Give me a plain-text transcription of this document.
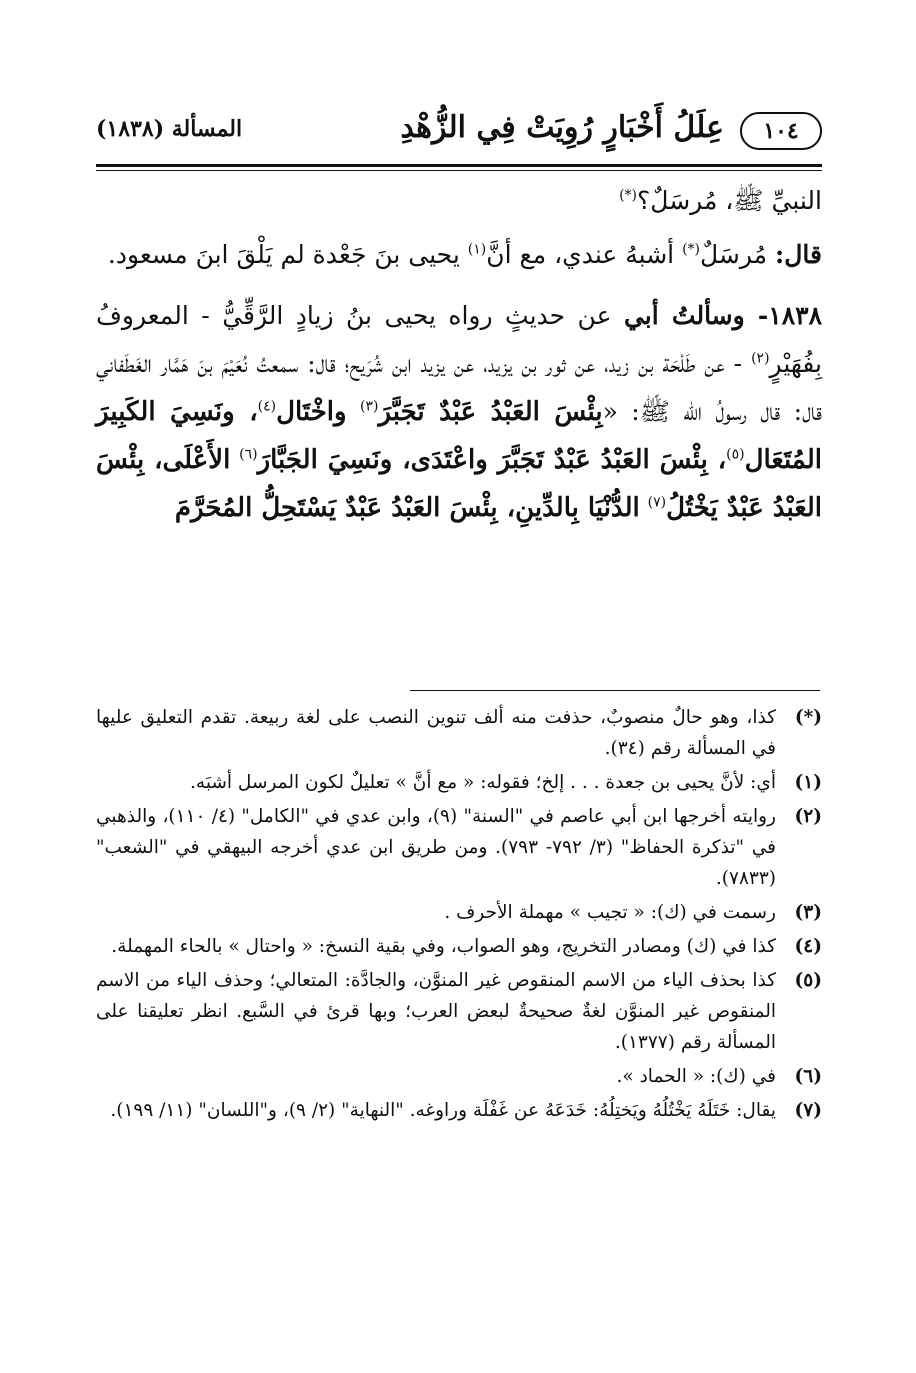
١٠٤
عِلَلُ أَخْبَارٍ رُوِيَتْ فِي الزُّهْدِ
المسألة (١٨٣٨)

النبيِّ ﷺ، مُرسَلٌ؟(*)

قال: مُرسَلٌ(*) أشبهُ عندي، مع أنَّ$^{(١)}$ يحيى بنَ جَعْدة لم يَلْقَ ابنَ مسعود.

١٨٣٨- وسألتُ أبي عن حديثٍ رواه يحيى بنُ زيادٍ الرَّقِّيُّ - المعروفُ بِفُهَيْرٍ$^{(٢)}$ - عن طَلْحَة بن زيد، عن ثور بن يزيد، عن يزيد ابن شُرَيح؛ قال: سمعتُ نُعَيْمَ بنَ هَمَّار الغَطَفاني قال: قال رسولُ الله ﷺ: «بِئْسَ العَبْدُ عَبْدٌ تَجَبَّرَ$^{(٣)}$ واخْتَال$^{(٤)}$، ونَسِيَ الكَبِيرَ المُتَعَال$^{(٥)}$، بِئْسَ العَبْدُ عَبْدٌ تَجَبَّرَ واعْتَدَى، ونَسِيَ الجَبَّارَ$^{(٦)}$ الأَعْلَى، بِئْسَ العَبْدُ عَبْدٌ يَخْتُلُ$^{(٧)}$ الدُّنْيَا بِالدِّينِ، بِئْسَ العَبْدُ عَبْدٌ يَسْتَحِلُّ المُحَرَّمَ

(*)
كذا، وهو حالٌ منصوبٌ، حذفت منه ألف تنوين النصب على لغة ربيعة. تقدم التعليق عليها في المسألة رقم (٣٤).
(١)
أي: لأنَّ يحيى بن جعدة . . . إلخ؛ فقوله: « مع أنَّ » تعليلٌ لكون المرسل أشبَه.
(٢)
روايته أخرجها ابن أبي عاصم في "السنة" (٩)، وابن عدي في "الكامل" (٤/ ١١٠)، والذهبي في "تذكرة الحفاظ" (٣/ ٧٩٢- ٧٩٣). ومن طريق ابن عدي أخرجه البيهقي في "الشعب" (٧٨٣٣).
(٣)
رسمت في (ك): « تجيب » مهملة الأحرف .
(٤)
كذا في (ك) ومصادر التخريج، وهو الصواب، وفي بقية النسخ: « واحتال » بالحاء المهملة.
(٥)
كذا بحذف الياء من الاسم المنقوص غير المنوَّن، والجادَّة: المتعالي؛ وحذف الياء من الاسم المنقوص غير المنوَّن لغةٌ صحيحةٌ لبعض العرب؛ وبها قرئ في السَّبع. انظر تعليقنا على المسألة رقم (١٣٧٧).
(٦)
في (ك): « الحماد ».
(٧)
يقال: خَتَلَهُ يَخْتُلُهُ ويَختِلُهُ: خَدَعَهُ عن غَفْلَة وراوغه. "النهاية" (٢/ ٩)، و"اللسان" (١١/ ١٩٩).
